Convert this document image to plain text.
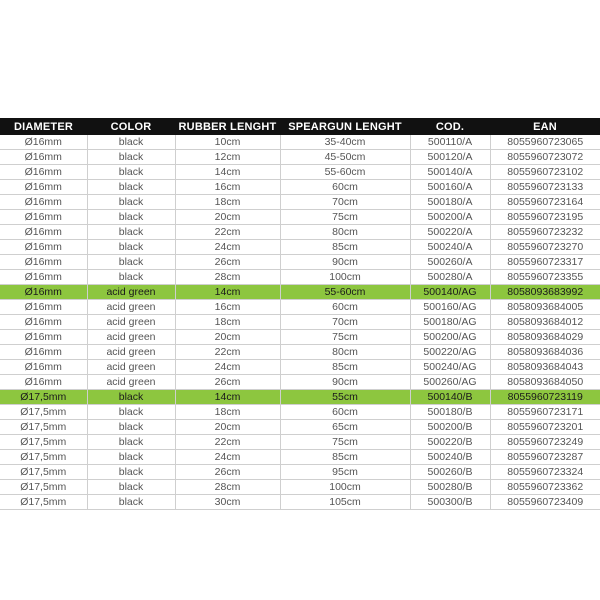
DIAMETER	COLOR	RUBBER LENGHT	SPEARGUN LENGHT	COD.	EAN
Ø16mm	black	10cm	35-40cm	500110/A	8055960723065
Ø16mm	black	12cm	45-50cm	500120/A	8055960723072
Ø16mm	black	14cm	55-60cm	500140/A	8055960723102
Ø16mm	black	16cm	60cm	500160/A	8055960723133
Ø16mm	black	18cm	70cm	500180/A	8055960723164
Ø16mm	black	20cm	75cm	500200/A	8055960723195
Ø16mm	black	22cm	80cm	500220/A	8055960723232
Ø16mm	black	24cm	85cm	500240/A	8055960723270
Ø16mm	black	26cm	90cm	500260/A	8055960723317
Ø16mm	black	28cm	100cm	500280/A	8055960723355
Ø16mm	acid green	14cm	55-60cm	500140/AG	8058093683992
Ø16mm	acid green	16cm	60cm	500160/AG	8058093684005
Ø16mm	acid green	18cm	70cm	500180/AG	8058093684012
Ø16mm	acid green	20cm	75cm	500200/AG	8058093684029
Ø16mm	acid green	22cm	80cm	500220/AG	8058093684036
Ø16mm	acid green	24cm	85cm	500240/AG	8058093684043
Ø16mm	acid green	26cm	90cm	500260/AG	8058093684050
Ø17,5mm	black	14cm	55cm	500140/B	8055960723119
Ø17,5mm	black	18cm	60cm	500180/B	8055960723171
Ø17,5mm	black	20cm	65cm	500200/B	8055960723201
Ø17,5mm	black	22cm	75cm	500220/B	8055960723249
Ø17,5mm	black	24cm	85cm	500240/B	8055960723287
Ø17,5mm	black	26cm	95cm	500260/B	8055960723324
Ø17,5mm	black	28cm	100cm	500280/B	8055960723362
Ø17,5mm	black	30cm	105cm	500300/B	8055960723409
